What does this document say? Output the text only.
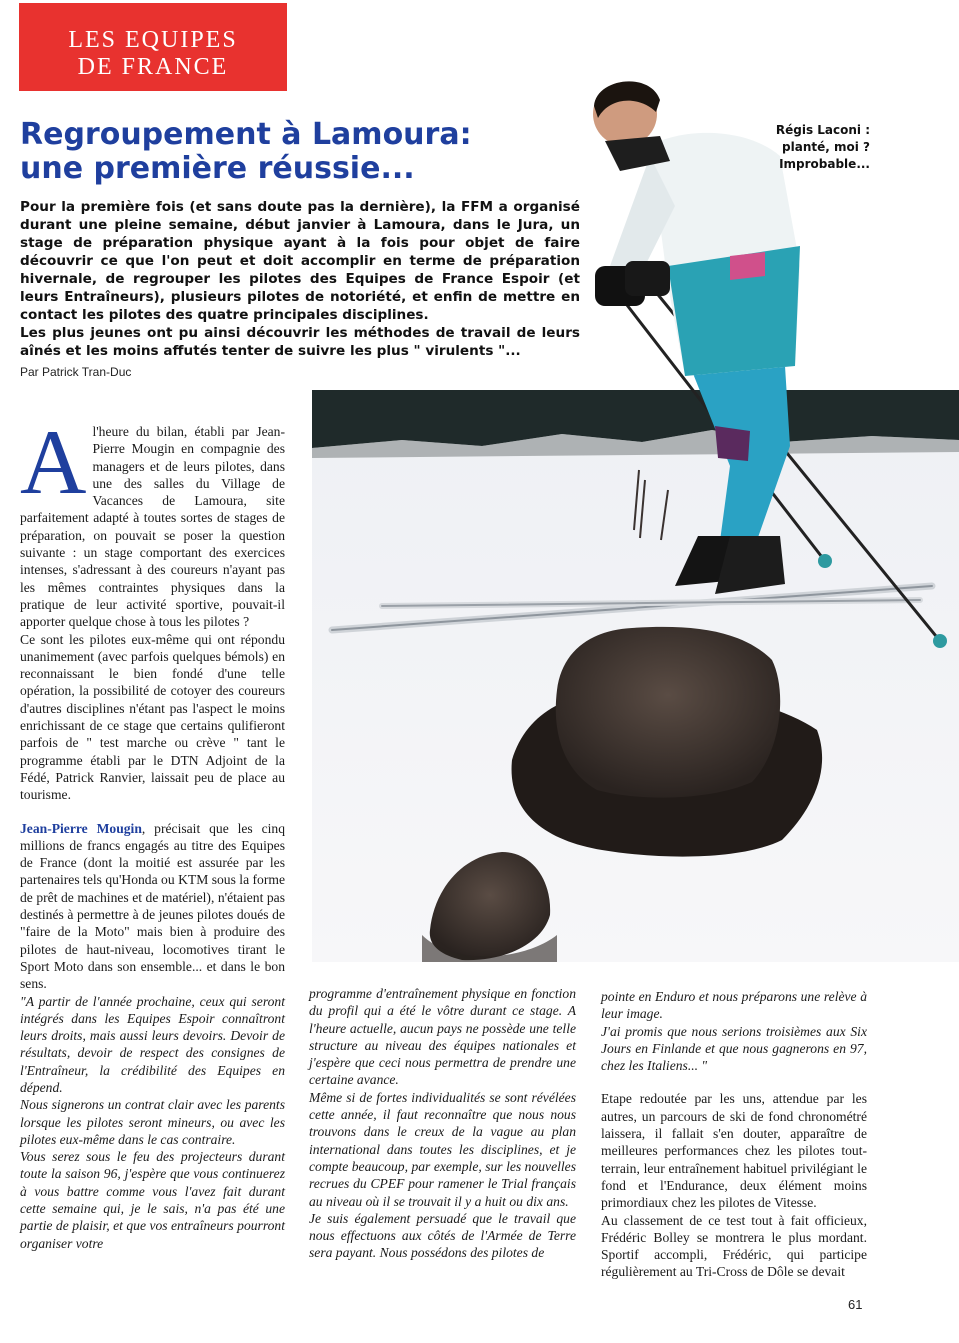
LES EQUIPES
DE FRANCE
Regroupement à Lamoura:
une première réussie...

Pour la première fois (et sans doute pas la dernière), la FFM a organisé durant une pleine semaine, début janvier à Lamoura, dans le Jura, un stage de préparation physique ayant à la fois pour objet de faire découvrir ce que l'on peut et doit accomplir en terme de préparation hivernale, de regrouper les pilotes des Equipes de France Espoir (et leurs Entraîneurs), plusieurs pilotes de notoriété, et enfin de mettre en contact les pilotes des quatre principales disciplines.

Les plus jeunes ont pu ainsi découvrir les méthodes de travail de leurs aînés et les moins affutés tenter de suivre les plus " virulents "...

Par Patrick Tran-Duc
Régis Laconi :
planté, moi ?
Improbable...

Al'heure du bilan, établi par Jean-Pierre Mougin en compagnie des managers et de leurs pilotes, dans une des salles du Village de Vacances de Lamoura, site parfaitement adapté à toutes sortes de stages de préparation, on pouvait se poser la question suivante : un stage comportant des exercices intenses, s'adressant à des coureurs n'ayant pas les mêmes contraintes physiques dans la pratique de leur activité sportive, pouvait-il apporter quelque chose à tous les pilotes ?

Ce sont les pilotes eux-même qui ont répondu unanimement (avec parfois quelques bémols) en reconnaissant le bien fondé d'une telle opération, la possibilité de cotoyer des coureurs d'autres disciplines n'étant pas l'aspect le moins enrichissant de ce stage que certains qulifieront parfois de " test marche ou crève " tant le programme établi par le DTN Adjoint de la Fédé, Patrick Ranvier, laissait peu de place au tourisme.

Jean-Pierre Mougin, précisait que les cinq millions de francs engagés au titre des Equipes de France (dont la moitié est assurée par les partenaires tels qu'Honda ou KTM sous la forme de prêt de machines et de matériel), n'étaient pas destinés à permettre à de jeunes pilotes doués de "faire de la Moto" mais bien à produire des pilotes de haut-niveau, locomotives tirant le Sport Moto dans son ensemble... et dans le bon sens.

"A partir de l'année prochaine, ceux qui seront intégrés dans les Equipes Espoir connaîtront leurs droits, mais aussi leurs devoirs. Devoir de résultats, devoir de respect des consignes de l'Entraîneur, la crédibilité des Equipes en dépend.

Nous signerons un contrat clair avec les parents lorsque les pilotes seront mineurs, ou avec les pilotes eux-même dans le cas contraire.

Vous serez sous le feu des projecteurs durant toute la saison 96, j'espère que vous continuerez à vous battre comme vous l'avez fait durant cette semaine qui, je le sais, n'a pas été une partie de plaisir, et que vos entraîneurs pourront organiser votre

programme d'entraînement physique en fonction du profil qui a été le vôtre durant ce stage. A l'heure actuelle, aucun pays ne possède une telle structure au niveau des équipes nationales et j'espère que ceci nous permettra de prendre une certaine avance.

Même si de fortes individualités se sont révélées cette année, il faut reconnaître que nous nous trouvons dans le creux de la vague au plan international dans toutes les disciplines, et je compte beaucoup, par exemple, sur les nouvelles recrues du CPEF pour ramener le Trial français au niveau où il se trouvait il y a huit ou dix ans.

Je suis également persuadé que le travail que nous effectuons aux côtés de l'Armée de Terre sera payant. Nous possédons des pilotes de

pointe en Enduro et nous préparons une relève à leur image.

J'ai promis que nous serions troisièmes aux Six Jours en Finlande et que nous gagnerons en 97, chez les Italiens... "

Etape redoutée par les uns, attendue par les autres, un parcours de ski de fond chronométré laissera, il fallait s'en douter, apparaître de meilleures performances chez les pilotes tout-terrain, leur entraînement habituel privilégiant le fond et l'Endurance, deux élément moins primordiaux chez les pilotes de Vitesse.

Au classement de ce test tout à fait officieux, Frédéric Bolley se montrera le plus mordant. Sportif accompli, Frédéric, qui participe régulièrement au Tri-Cross de Dôle se devait

61
